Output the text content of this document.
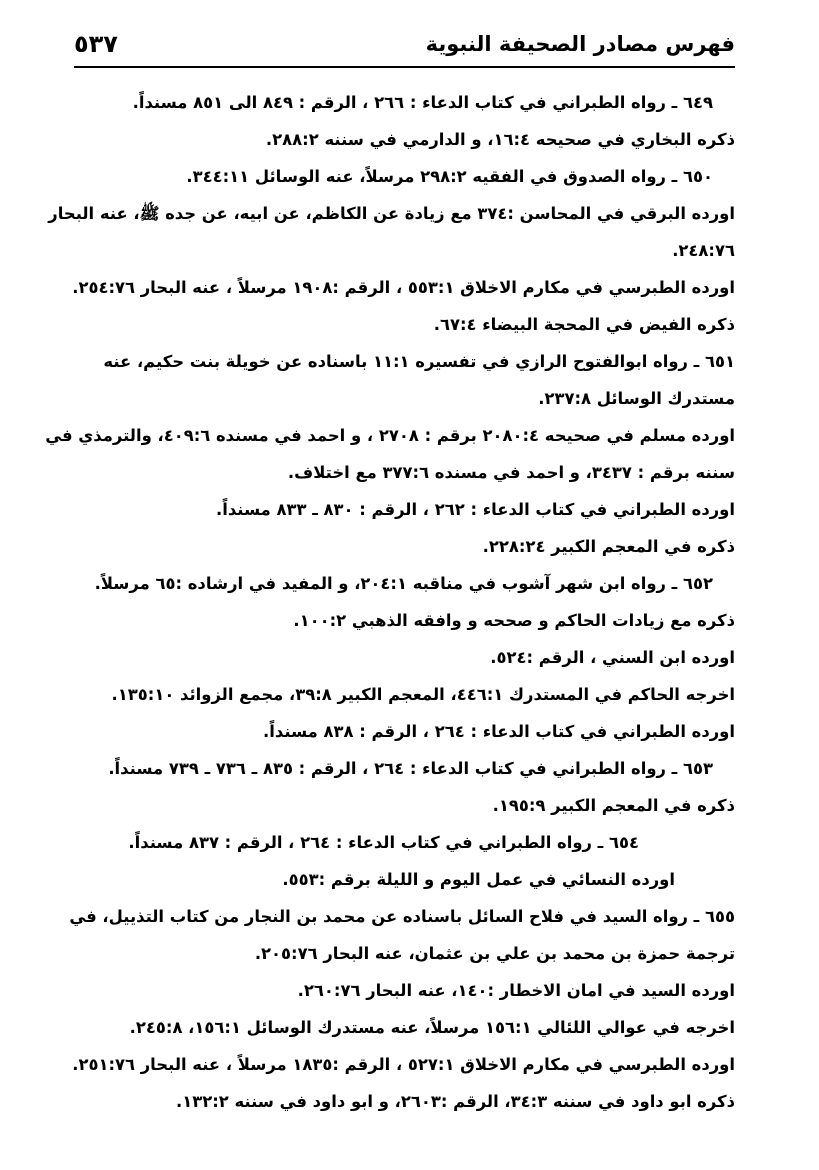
فهرس مصادر الصحيفة النبوية
٥٣٧
٦٤٩ ـ رواه الطبراني في كتاب الدعاء : ٢٦٦ ، الرقم : ٨٤٩ الى ٨٥١ مسنداً.
ذكره البخاري في صحيحه ١٦:٤، و الدارمي في سننه ٢٨٨:٢.
٦٥٠ ـ رواه الصدوق في الفقيه ٢٩٨:٢ مرسلاً، عنه الوسائل ٣٤٤:١١.
اورده البرقي في المحاسن :٣٧٤ مع زيادة عن الكاظم، عن ابيه، عن جده ﷺ، عنه البحار
٢٤٨:٧٦.
اورده الطبرسي في مكارم الاخلاق ٥٥٣:١ ، الرقم :١٩٠٨ مرسلاً ، عنه البحار ٢٥٤:٧٦.
ذكره الفيض في المحجة البيضاء ٦٧:٤.
٦٥١ ـ رواه ابوالفتوح الرازي في تفسيره ١١:١ باسناده عن خويلة بنت حكيم، عنه
مستدرك الوسائل ٢٣٧:٨.
اورده مسلم في صحيحه ٢٠٨٠:٤ برقم : ٢٧٠٨ ، و احمد في مسنده ٤٠٩:٦، والترمذي في
سننه برقم : ٣٤٣٧، و احمد في مسنده ٣٧٧:٦ مع اختلاف.
اورده الطبراني في كتاب الدعاء : ٢٦٢ ، الرقم : ٨٣٠ ـ ٨٣٣ مسنداً.
ذكره في المعجم الكبير ٢٢٨:٢٤.
٦٥٢ ـ رواه ابن شهر آشوب في مناقبه ٢٠٤:١، و المفيد في ارشاده :٦٥ مرسلاً.
ذكره مع زيادات الحاكم و صححه و وافقه الذهبي ١٠٠:٢.
اورده ابن السني ، الرقم :٥٢٤.
اخرجه الحاكم في المستدرك ٤٤٦:١، المعجم الكبير ٣٩:٨، مجمع الزوائد ١٣٥:١٠.
اورده الطبراني في كتاب الدعاء : ٢٦٤ ، الرقم : ٨٣٨ مسنداً.
٦٥٣ ـ رواه الطبراني في كتاب الدعاء : ٢٦٤ ، الرقم : ٨٣٥ ـ ٧٣٦ ـ ٧٣٩ مسنداً.
ذكره في المعجم الكبير ١٩٥:٩.
٦٥٤ ـ رواه الطبراني في كتاب الدعاء : ٢٦٤ ، الرقم : ٨٣٧ مسنداً.
اورده النسائي في عمل اليوم و الليلة برقم :٥٥٣.
٦٥٥ ـ رواه السيد في فلاح السائل باسناده عن محمد بن النجار من كتاب التذييل، في
ترجمة حمزة بن محمد بن علي بن عثمان، عنه البحار ٢٠٥:٧٦.
اورده السيد في امان الاخطار :١٤٠، عنه البحار ٢٦٠:٧٦.
اخرجه في عوالي اللئالي ١٥٦:١ مرسلاً، عنه مستدرك الوسائل ١٥٦:١، ٢٤٥:٨.
اورده الطبرسي في مكارم الاخلاق ٥٢٧:١ ، الرقم :١٨٣٥ مرسلاً ، عنه البحار ٢٥١:٧٦.
ذكره ابو داود في سننه ٣٤:٣، الرقم :٢٦٠٣، و ابو داود في سننه ١٣٢:٢.
